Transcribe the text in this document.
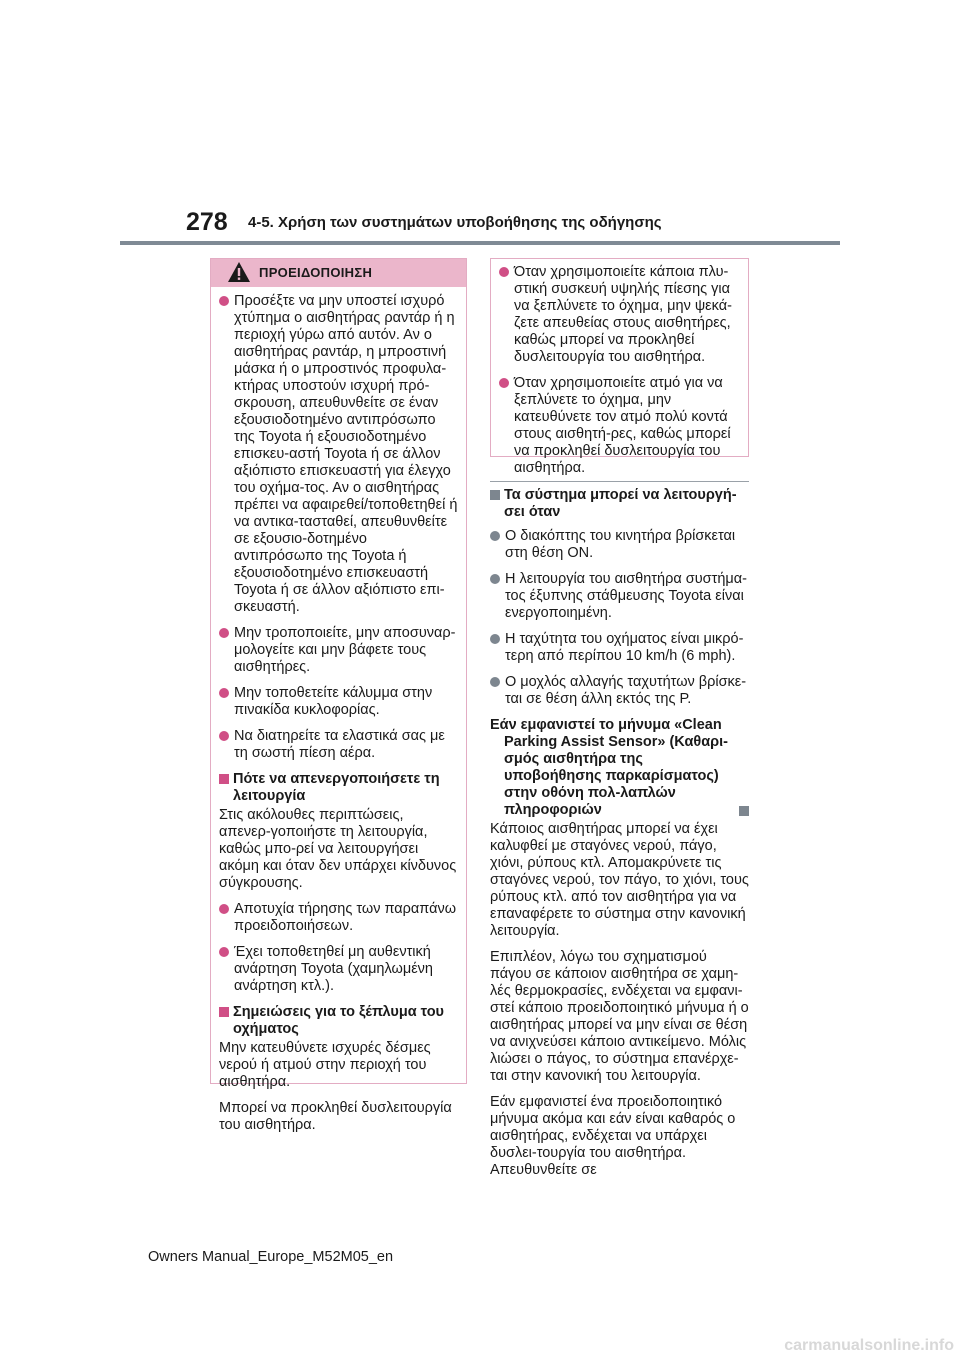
278 4-5. Χρήση των συστημάτων υποβοήθησης της οδήγησης
ΠΡΟΕΙΔΟΠΟΙΗΣΗ
Προσέξτε να μην υποστεί ισχυρό χτύπημα ο αισθητήρας ραντάρ ή η περιοχή γύρω από αυτόν. Αν ο αισθητήρας ραντάρ, η μπροστινή μάσκα ή ο μπροστινός προφυλα-κτήρας υποστούν ισχυρή πρό-σκρουση, απευθυνθείτε σε έναν εξουσιοδοτημένο αντιπρόσωπο της Toyota ή εξουσιοδοτημένο επισκευ-αστή Toyota ή σε άλλον αξιόπιστο επισκευαστή για έλεγχο του οχήμα-τος. Αν ο αισθητήρας πρέπει να αφαιρεθεί/τοποθετηθεί ή να αντικα-τασταθεί, απευθυνθείτε σε εξουσιο-δοτημένο αντιπρόσωπο της Toyota ή εξουσιοδοτημένο επισκευαστή Toyota ή σε άλλον αξιόπιστο επι-σκευαστή.
Μην τροποποιείτε, μην αποσυναρ-μολογείτε και μην βάφετε τους αισθητήρες.
Μην τοποθετείτε κάλυμμα στην πινακίδα κυκλοφορίας.
Να διατηρείτε τα ελαστικά σας με τη σωστή πίεση αέρα.
Πότε να απενεργοποιήσετε τη λειτουργία
Στις ακόλουθες περιπτώσεις, απενερ-γοποιήστε τη λειτουργία, καθώς μπο-ρεί να λειτουργήσει ακόμη και όταν δεν υπάρχει κίνδυνος σύγκρουσης.
Αποτυχία τήρησης των παραπάνω προειδοποιήσεων.
Έχει τοποθετηθεί μη αυθεντική ανάρτηση Toyota (χαμηλωμένη ανάρτηση κτλ.).
Σημειώσεις για το ξέπλυμα του οχήματος
Μην κατευθύνετε ισχυρές δέσμες νερού ή ατμού στην περιοχή του αισθητήρα.
Μπορεί να προκληθεί δυσλειτουργία του αισθητήρα.
Όταν χρησιμοποιείτε κάποια πλυ-στική συσκευή υψηλής πίεσης για να ξεπλύνετε το όχημα, μην ψεκά-ζετε απευθείας στους αισθητήρες, καθώς μπορεί να προκληθεί δυσλειτουργία του αισθητήρα.
Όταν χρησιμοποιείτε ατμό για να ξεπλύνετε το όχημα, μην κατευθύνετε τον ατμό πολύ κοντά στους αισθητή-ρες, καθώς μπορεί να προκληθεί δυσλειτουργία του αισθητήρα.
Τα σύστημα μπορεί να λειτουργή-σει όταν
Ο διακόπτης του κινητήρα βρίσκεται στη θέση ON.
Η λειτουργία του αισθητήρα συστήμα-τος έξυπνης στάθμευσης Toyota είναι ενεργοποιημένη.
Η ταχύτητα του οχήματος είναι μικρό-τερη από περίπου 10 km/h (6 mph).
Ο μοχλός αλλαγής ταχυτήτων βρίσκε-ται σε θέση άλλη εκτός της P.
Εάν εμφανιστεί το μήνυμα «Clean Parking Assist Sensor» (Καθαρι-σμός αισθητήρα της υποβοήθησης παρκαρίσματος) στην οθόνη πολ-λαπλών πληροφοριών
Κάποιος αισθητήρας μπορεί να έχει καλυφθεί με σταγόνες νερού, πάγο, χιόνι, ρύπους κτλ. Απομακρύνετε τις σταγόνες νερού, τον πάγο, το χιόνι, τους ρύπους κτλ. από τον αισθητήρα για να επαναφέρετε το σύστημα στην κανονική λειτουργία.
Επιπλέον, λόγω του σχηματισμού πάγου σε κάποιον αισθητήρα σε χαμη-λές θερμοκρασίες, ενδέχεται να εμφανι-στεί κάποιο προειδοποιητικό μήνυμα ή ο αισθητήρας μπορεί να μην είναι σε θέση να ανιχνεύσει κάποιο αντικείμενο. Μόλις λιώσει ο πάγος, το σύστημα επανέρχε-ται στην κανονική του λειτουργία.
Εάν εμφανιστεί ένα προειδοποιητικό μήνυμα ακόμα και εάν είναι καθαρός ο αισθητήρας, ενδέχεται να υπάρχει δυσλει-τουργία του αισθητήρα. Απευθυνθείτε σε
Owners Manual_Europe_M52M05_en
carmanualsonline.info
